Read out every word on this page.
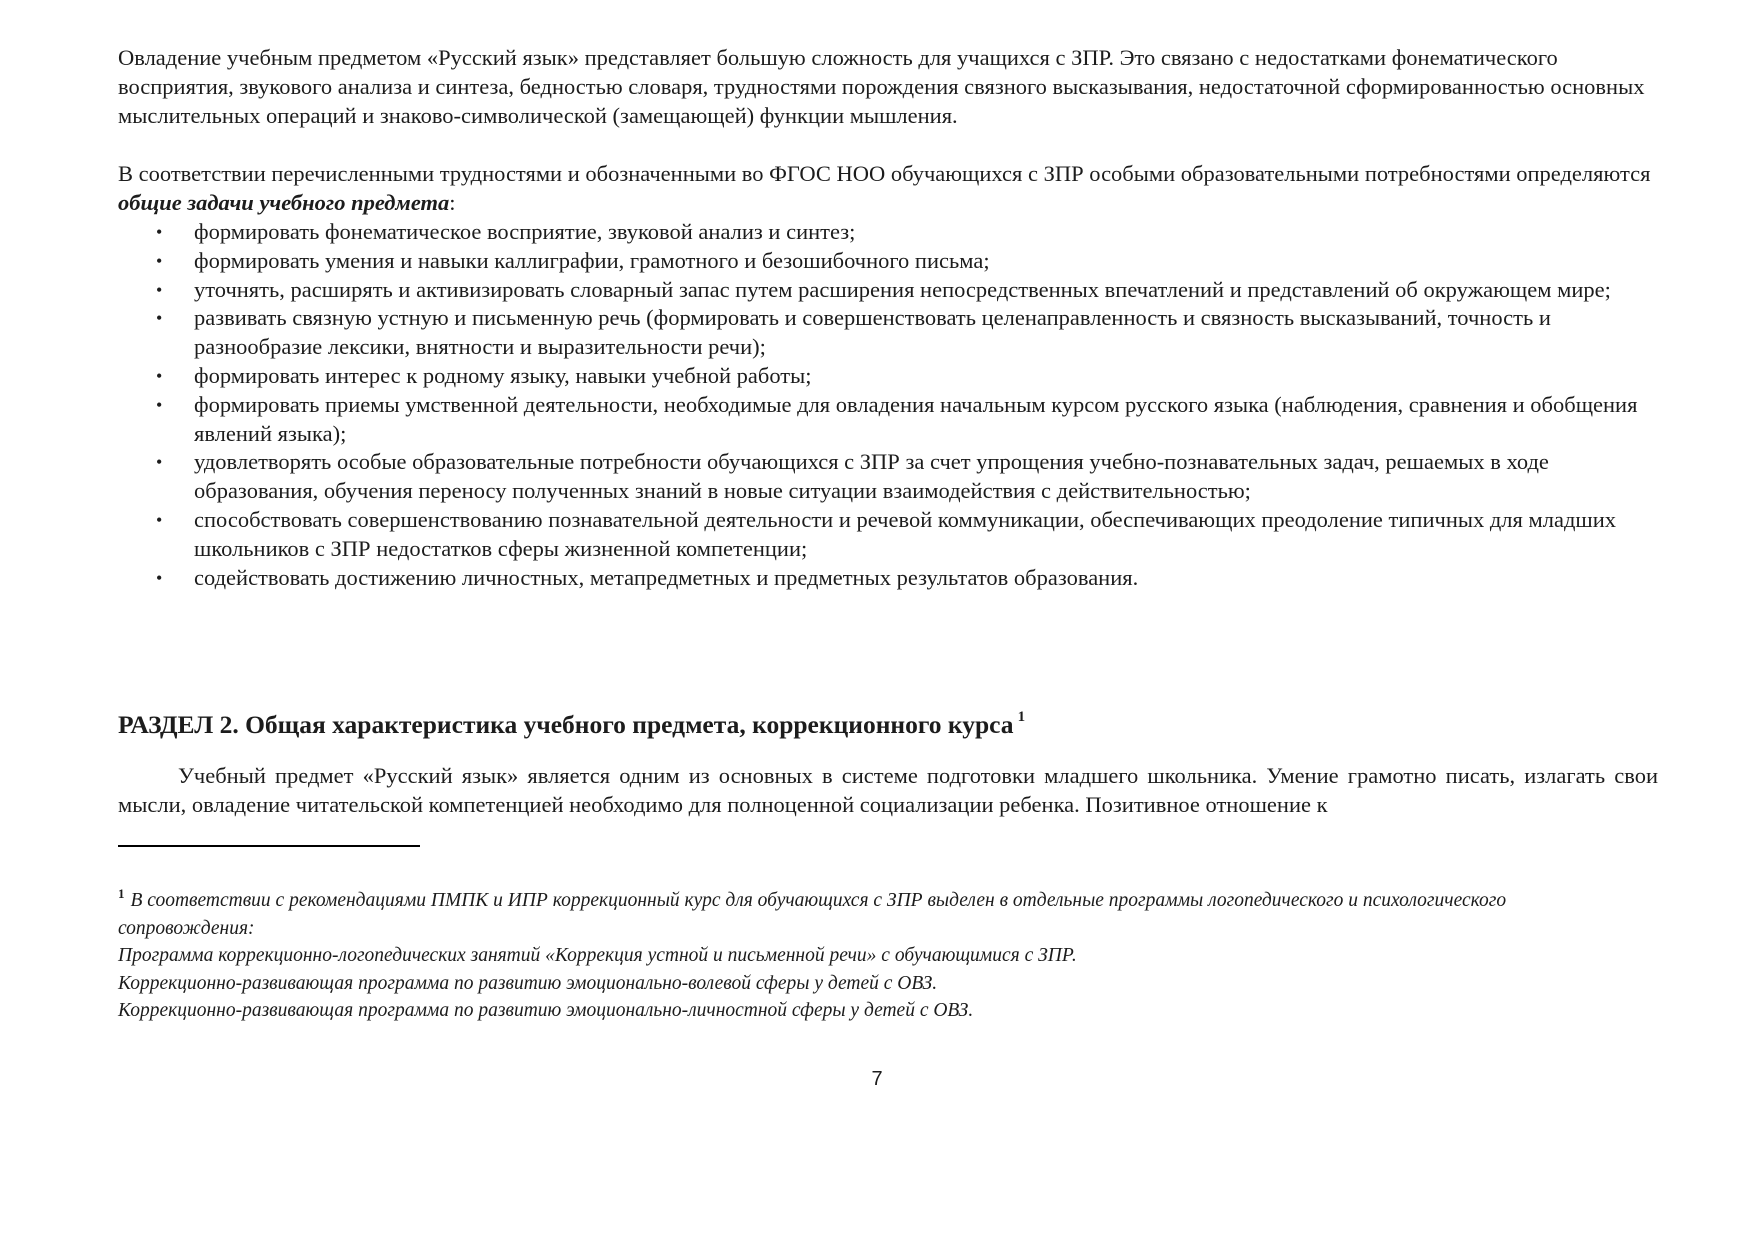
Овладение учебным предметом «Русский язык» представляет большую сложность для учащихся с ЗПР. Это связано с недостатками фонематического восприятия, звукового анализа и синтеза, бедностью словаря, трудностями порождения связного высказывания, недостаточной сформированностью основных мыслительных операций и знаково-символической (замещающей) функции мышления.

В соответствии перечисленными трудностями и обозначенными во ФГОС НОО обучающихся с ЗПР особыми образовательными потребностями определяются общие задачи учебного предмета:

• формировать фонематическое восприятие, звуковой анализ и синтез;
• формировать умения и навыки каллиграфии, грамотного и безошибочного письма;
• уточнять, расширять и активизировать словарный запас путем расширения непосредственных впечатлений и представлений об окружающем мире;
• развивать связную устную и письменную речь (формировать и совершенствовать целенаправленность и связность высказываний, точность и разнообразие лексики, внятности и выразительности речи);
• формировать интерес к родному языку, навыки учебной работы;
• формировать приемы умственной деятельности, необходимые для овладения начальным курсом русского языка (наблюдения, сравнения и обобщения явлений языка);
• удовлетворять особые образовательные потребности обучающихся с ЗПР за счет упрощения учебно-познавательных задач, решаемых в ходе образования, обучения переносу полученных знаний в новые ситуации взаимодействия с действительностью;
• способствовать совершенствованию познавательной деятельности и речевой коммуникации, обеспечивающих преодоление типичных для младших школьников с ЗПР недостатков сферы жизненной компетенции;
• содействовать достижению личностных, метапредметных и предметных результатов образования.
РАЗДЕЛ 2. Общая характеристика учебного предмета, коррекционного курса $^1$

Учебный предмет «Русский язык» является одним из основных в системе подготовки младшего школьника. Умение грамотно писать, излагать свои мысли, овладение читательской компетенцией необходимо для полноценной социализации ребенка. Позитивное отношение к

$^1$ В соответствии с рекомендациями ПМПК и ИПР коррекционный курс для обучающихся с ЗПР выделен в отдельные программы логопедического и психологического сопровождения:
Программа коррекционно-логопедических занятий «Коррекция устной и письменной речи» с обучающимися с ЗПР.
Коррекционно-развивающая программа по развитию эмоционально-волевой сферы у детей с ОВЗ.
Коррекционно-развивающая программа по развитию эмоционально-личностной сферы у детей с ОВЗ.

7
